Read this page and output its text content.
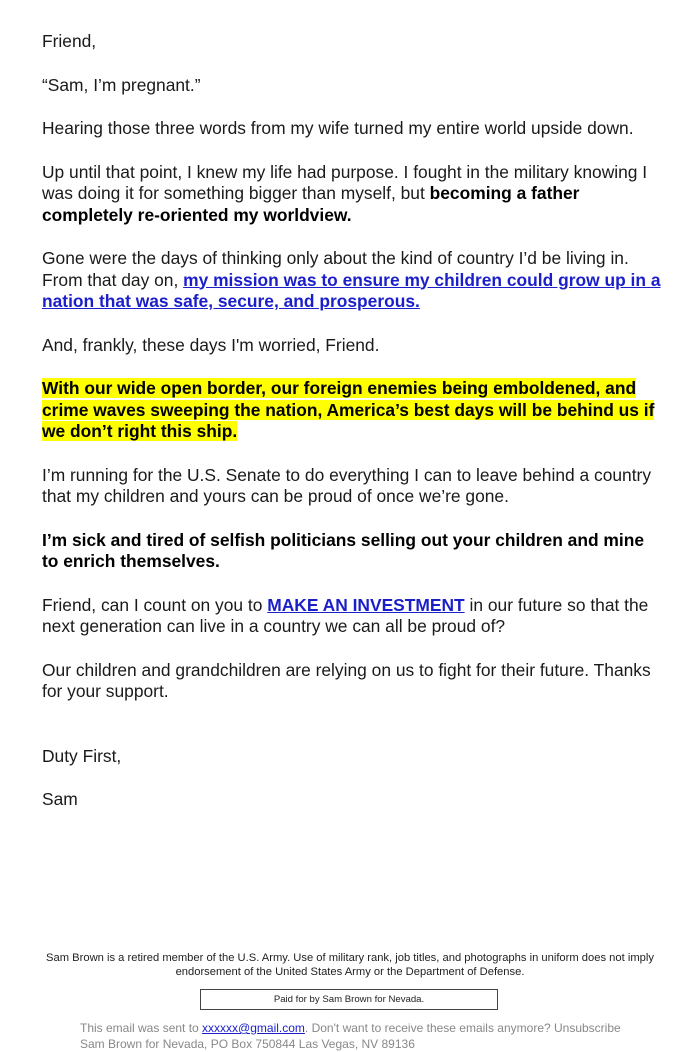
Friend,

“Sam, I’m pregnant.”

Hearing those three words from my wife turned my entire world upside down.

Up until that point, I knew my life had purpose. I fought in the military knowing I was doing it for something bigger than myself, but becoming a father completely re-oriented my worldview.

Gone were the days of thinking only about the kind of country I’d be living in. From that day on, my mission was to ensure my children could grow up in a nation that was safe, secure, and prosperous.

And, frankly, these days I'm worried, Friend.

With our wide open border, our foreign enemies being emboldened, and crime waves sweeping the nation, America’s best days will be behind us if we don’t right this ship.

I’m running for the U.S. Senate to do everything I can to leave behind a country that my children and yours can be proud of once we’re gone.

I’m sick and tired of selfish politicians selling out your children and mine to enrich themselves.

Friend, can I count on you to MAKE AN INVESTMENT in our future so that the next generation can live in a country we can all be proud of?

Our children and grandchildren are relying on us to fight for their future. Thanks for your support.

Duty First,

Sam

Sam Brown is a retired member of the U.S. Army. Use of military rank, job titles, and photographs in uniform does not imply endorsement of the United States Army or the Department of Defense.
Paid for by Sam Brown for Nevada.
This email was sent to xxxxxx@gmail.com. Don't want to receive these emails anymore? Unsubscribe
Sam Brown for Nevada, PO Box 750844 Las Vegas, NV 89136
